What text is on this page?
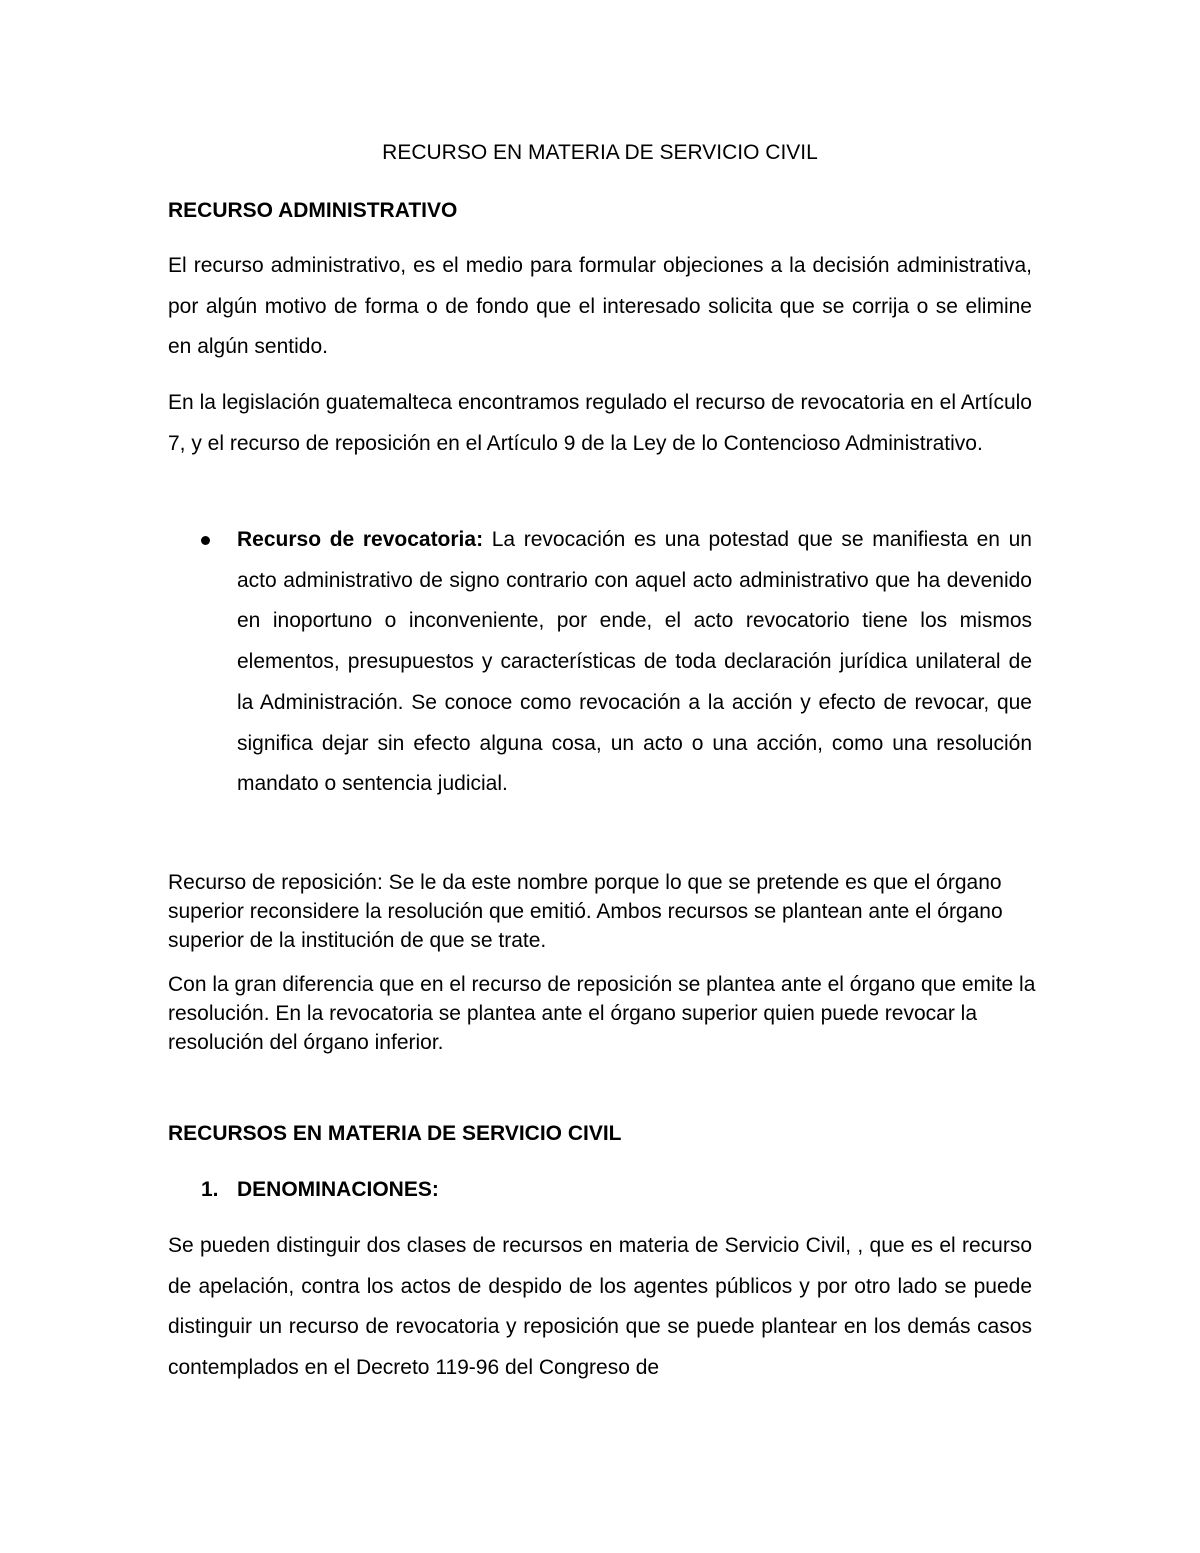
RECURSO EN MATERIA DE SERVICIO CIVIL
RECURSO ADMINISTRATIVO

El recurso administrativo, es el medio para formular objeciones a la decisión administrativa, por algún motivo de forma o de fondo que el interesado solicita que se corrija o se elimine en algún sentido.

En la legislación guatemalteca encontramos regulado el recurso de revocatoria en el Artículo 7, y el recurso de reposición en el Artículo 9 de la Ley de lo Contencioso Administrativo.

Recurso de revocatoria: La revocación es una potestad que se manifiesta en un acto administrativo de signo contrario con aquel acto administrativo que ha devenido en inoportuno o inconveniente, por ende, el acto revocatorio tiene los mismos elementos, presupuestos y características de toda declaración jurídica unilateral de la Administración. Se conoce como revocación a la acción y efecto de revocar, que significa dejar sin efecto alguna cosa, un acto o una acción, como una resolución mandato o sentencia judicial.

Recurso de reposición: Se le da este nombre porque lo que se pretende es que el órgano superior reconsidere la resolución que emitió. Ambos recursos se plantean ante el órgano superior de la institución de que se trate.

Con la gran diferencia que en el recurso de reposición se plantea ante el órgano que emite la resolución. En la revocatoria se plantea ante el órgano superior quien puede revocar la resolución del órgano inferior.

RECURSOS EN MATERIA DE SERVICIO CIVIL
1. DENOMINACIONES:

Se pueden distinguir dos clases de recursos en materia de Servicio Civil, , que es el recurso de apelación, contra los actos de despido de los agentes públicos y por otro lado se puede distinguir un recurso de revocatoria y reposición que se puede plantear en los demás casos contemplados en el Decreto 119-96 del Congreso de
